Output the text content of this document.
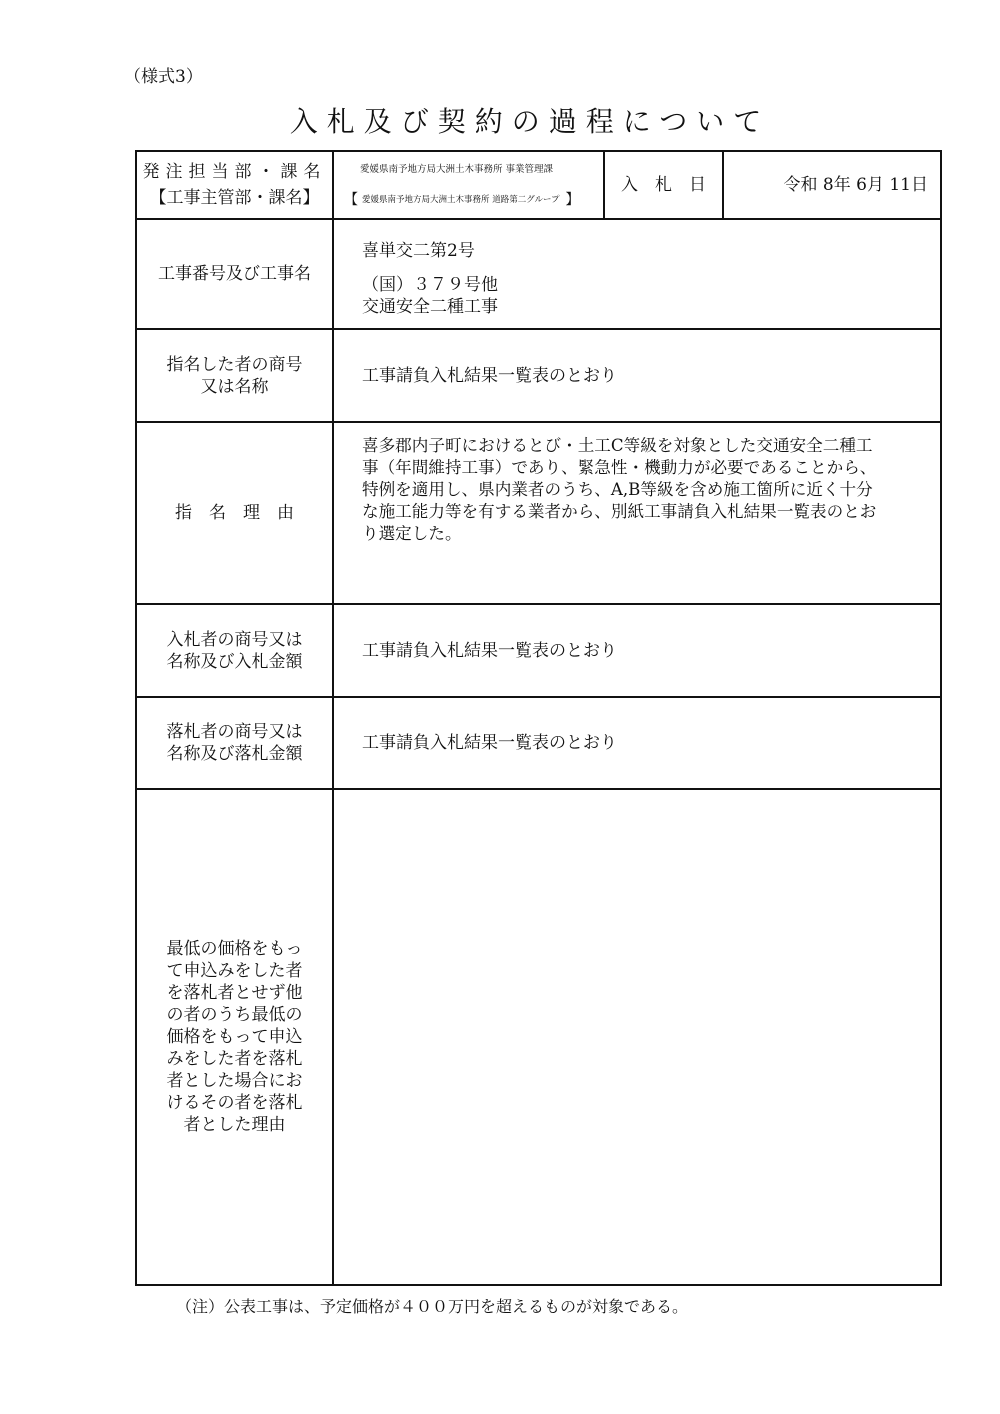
（様式3）
入札及び契約の過程について
発注担当部・課名
【工事主管部・課名】
愛媛県南予地方局大洲土木事務所 事業管理課
【 愛媛県南予地方局大洲土木事務所 道路第二グループ 】
入　札　日	令和 8年 6月 11日
工事番号及び工事名
喜単交二第2号
（国）３７９号他
交通安全二種工事
指名した者の商号
又は名称
工事請負入札結果一覧表のとおり
指　名　理　由
喜多郡内子町におけるとび・土工C等級を対象とした交通安全二種工
事（年間維持工事）であり、緊急性・機動力が必要であることから、
特例を適用し、県内業者のうち、A,B等級を含め施工箇所に近く十分
な施工能力等を有する業者から、別紙工事請負入札結果一覧表のとお
り選定した。
入札者の商号又は
名称及び入札金額
工事請負入札結果一覧表のとおり
落札者の商号又は
名称及び落札金額
工事請負入札結果一覧表のとおり
最低の価格をもっ
て申込みをした者
を落札者とせず他
の者のうち最低の
価格をもって申込
みをした者を落札
者とした場合にお
けるその者を落札
者とした理由
（注）公表工事は、予定価格が４００万円を超えるものが対象である。
